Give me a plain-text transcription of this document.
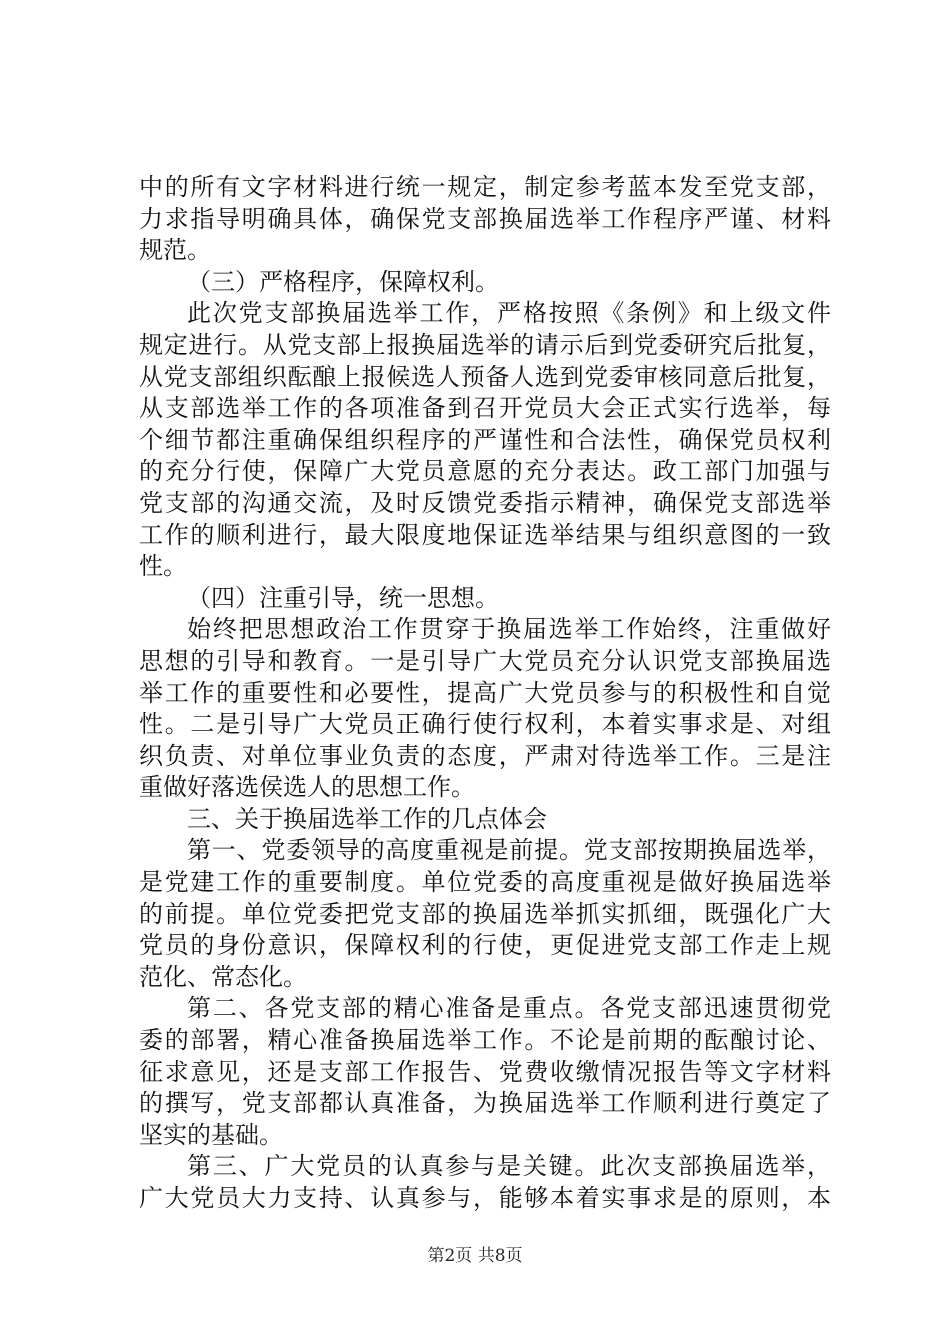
中的所有文字材料进行统一规定，制定参考蓝本发至党支部，
力求指导明确具体，确保党支部换届选举工作程序严谨、材料
规范。
（三）严格程序，保障权利。
此次党支部换届选举工作，严格按照《条例》和上级文件
规定进行。从党支部上报换届选举的请示后到党委研究后批复，
从党支部组织酝酿上报候选人预备人选到党委审核同意后批复，
从支部选举工作的各项准备到召开党员大会正式实行选举，每
个细节都注重确保组织程序的严谨性和合法性，确保党员权利
的充分行使，保障广大党员意愿的充分表达。政工部门加强与
党支部的沟通交流，及时反馈党委指示精神，确保党支部选举
工作的顺利进行，最大限度地保证选举结果与组织意图的一致
性。
（四）注重引导，统一思想。
始终把思想政治工作贯穿于换届选举工作始终，注重做好
思想的引导和教育。一是引导广大党员充分认识党支部换届选
举工作的重要性和必要性，提高广大党员参与的积极性和自觉
性。二是引导广大党员正确行使行权利，本着实事求是、对组
织负责、对单位事业负责的态度，严肃对待选举工作。三是注
重做好落选侯选人的思想工作。
三、关于换届选举工作的几点体会
第一、党委领导的高度重视是前提。党支部按期换届选举，
是党建工作的重要制度。单位党委的高度重视是做好换届选举
的前提。单位党委把党支部的换届选举抓实抓细，既强化广大
党员的身份意识，保障权利的行使，更促进党支部工作走上规
范化、常态化。
第二、各党支部的精心准备是重点。各党支部迅速贯彻党
委的部署，精心准备换届选举工作。不论是前期的酝酿讨论、
征求意见，还是支部工作报告、党费收缴情况报告等文字材料
的撰写，党支部都认真准备，为换届选举工作顺利进行奠定了
坚实的基础。
第三、广大党员的认真参与是关键。此次支部换届选举，
广大党员大力支持、认真参与，能够本着实事求是的原则，本
第2页 共8页
